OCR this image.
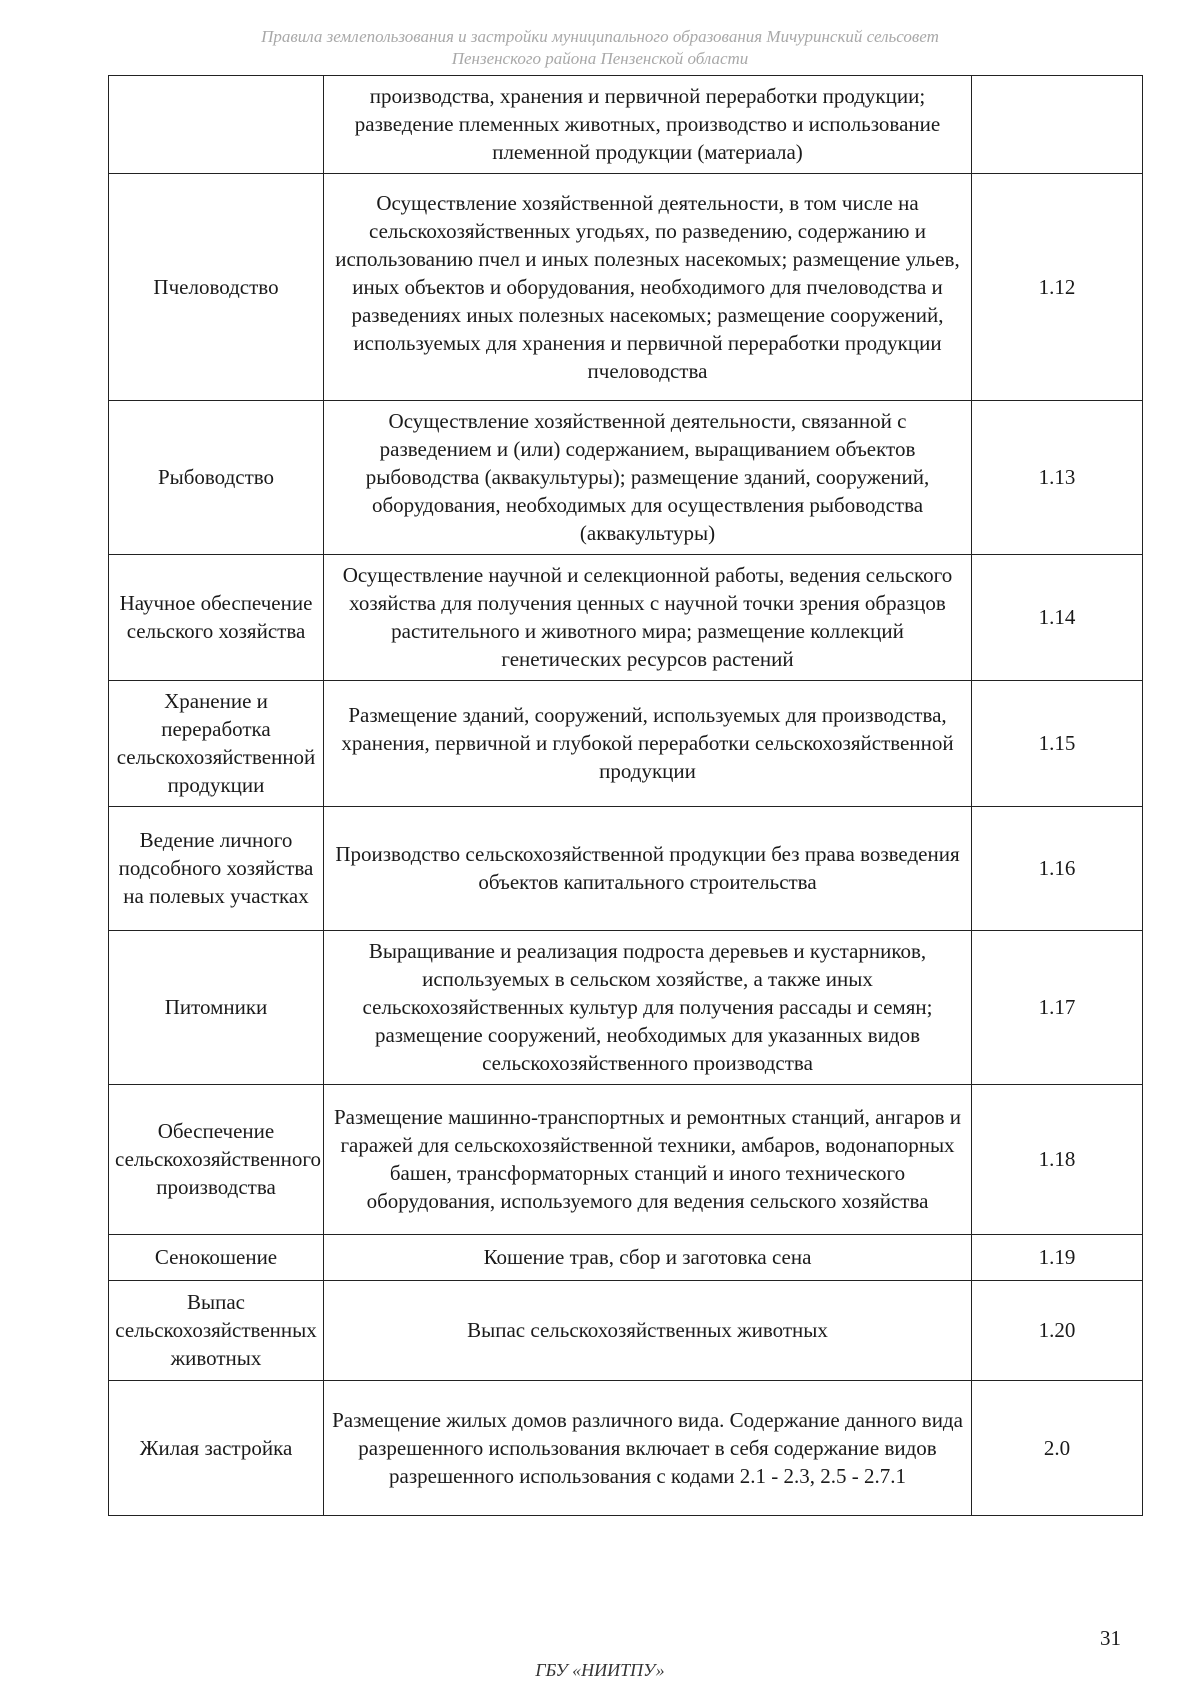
Правила землепользования и застройки муниципального образования Мичуринский сельсовет
Пензенского района Пензенской области
	производства, хранения и первичной переработки продукции; разведение племенных животных, производство и использование племенной продукции (материала)	
Пчеловодство	Осуществление хозяйственной деятельности, в том числе на сельскохозяйственных угодьях, по разведению, содержанию и использованию пчел и иных полезных насекомых; размещение ульев, иных объектов и оборудования, необходимого для пчеловодства и разведениях иных полезных насекомых; размещение сооружений, используемых для хранения и первичной переработки продукции пчеловодства	1.12
Рыбоводство	Осуществление хозяйственной деятельности, связанной с разведением и (или) содержанием, выращиванием объектов рыбоводства (аквакультуры); размещение зданий, сооружений, оборудования, необходимых для осуществления рыбоводства (аквакультуры)	1.13
Научное обеспечение сельского хозяйства	Осуществление научной и селекционной работы, ведения сельского хозяйства для получения ценных с научной точки зрения образцов растительного и животного мира; размещение коллекций генетических ресурсов растений	1.14
Хранение и переработка сельскохозяйственной продукции	Размещение зданий, сооружений, используемых для производства, хранения, первичной и глубокой переработки сельскохозяйственной продукции	1.15
Ведение личного подсобного хозяйства на полевых участках	Производство сельскохозяйственной продукции без права возведения объектов капитального строительства	1.16
Питомники	Выращивание и реализация подроста деревьев и кустарников, используемых в сельском хозяйстве, а также иных сельскохозяйственных культур для получения рассады и семян; размещение сооружений, необходимых для указанных видов сельскохозяйственного производства	1.17
Обеспечение сельскохозяйственного производства	Размещение машинно-транспортных и ремонтных станций, ангаров и гаражей для сельскохозяйственной техники, амбаров, водонапорных башен, трансформаторных станций и иного технического оборудования, используемого для ведения сельского хозяйства	1.18
Сенокошение	Кошение трав, сбор и заготовка сена	1.19
Выпас сельскохозяйственных животных	Выпас сельскохозяйственных животных	1.20
Жилая застройка	Размещение жилых домов различного вида. Содержание данного вида разрешенного использования включает в себя содержание видов разрешенного использования с кодами 2.1 - 2.3, 2.5 - 2.7.1	2.0
31
ГБУ «НИИТПУ»
